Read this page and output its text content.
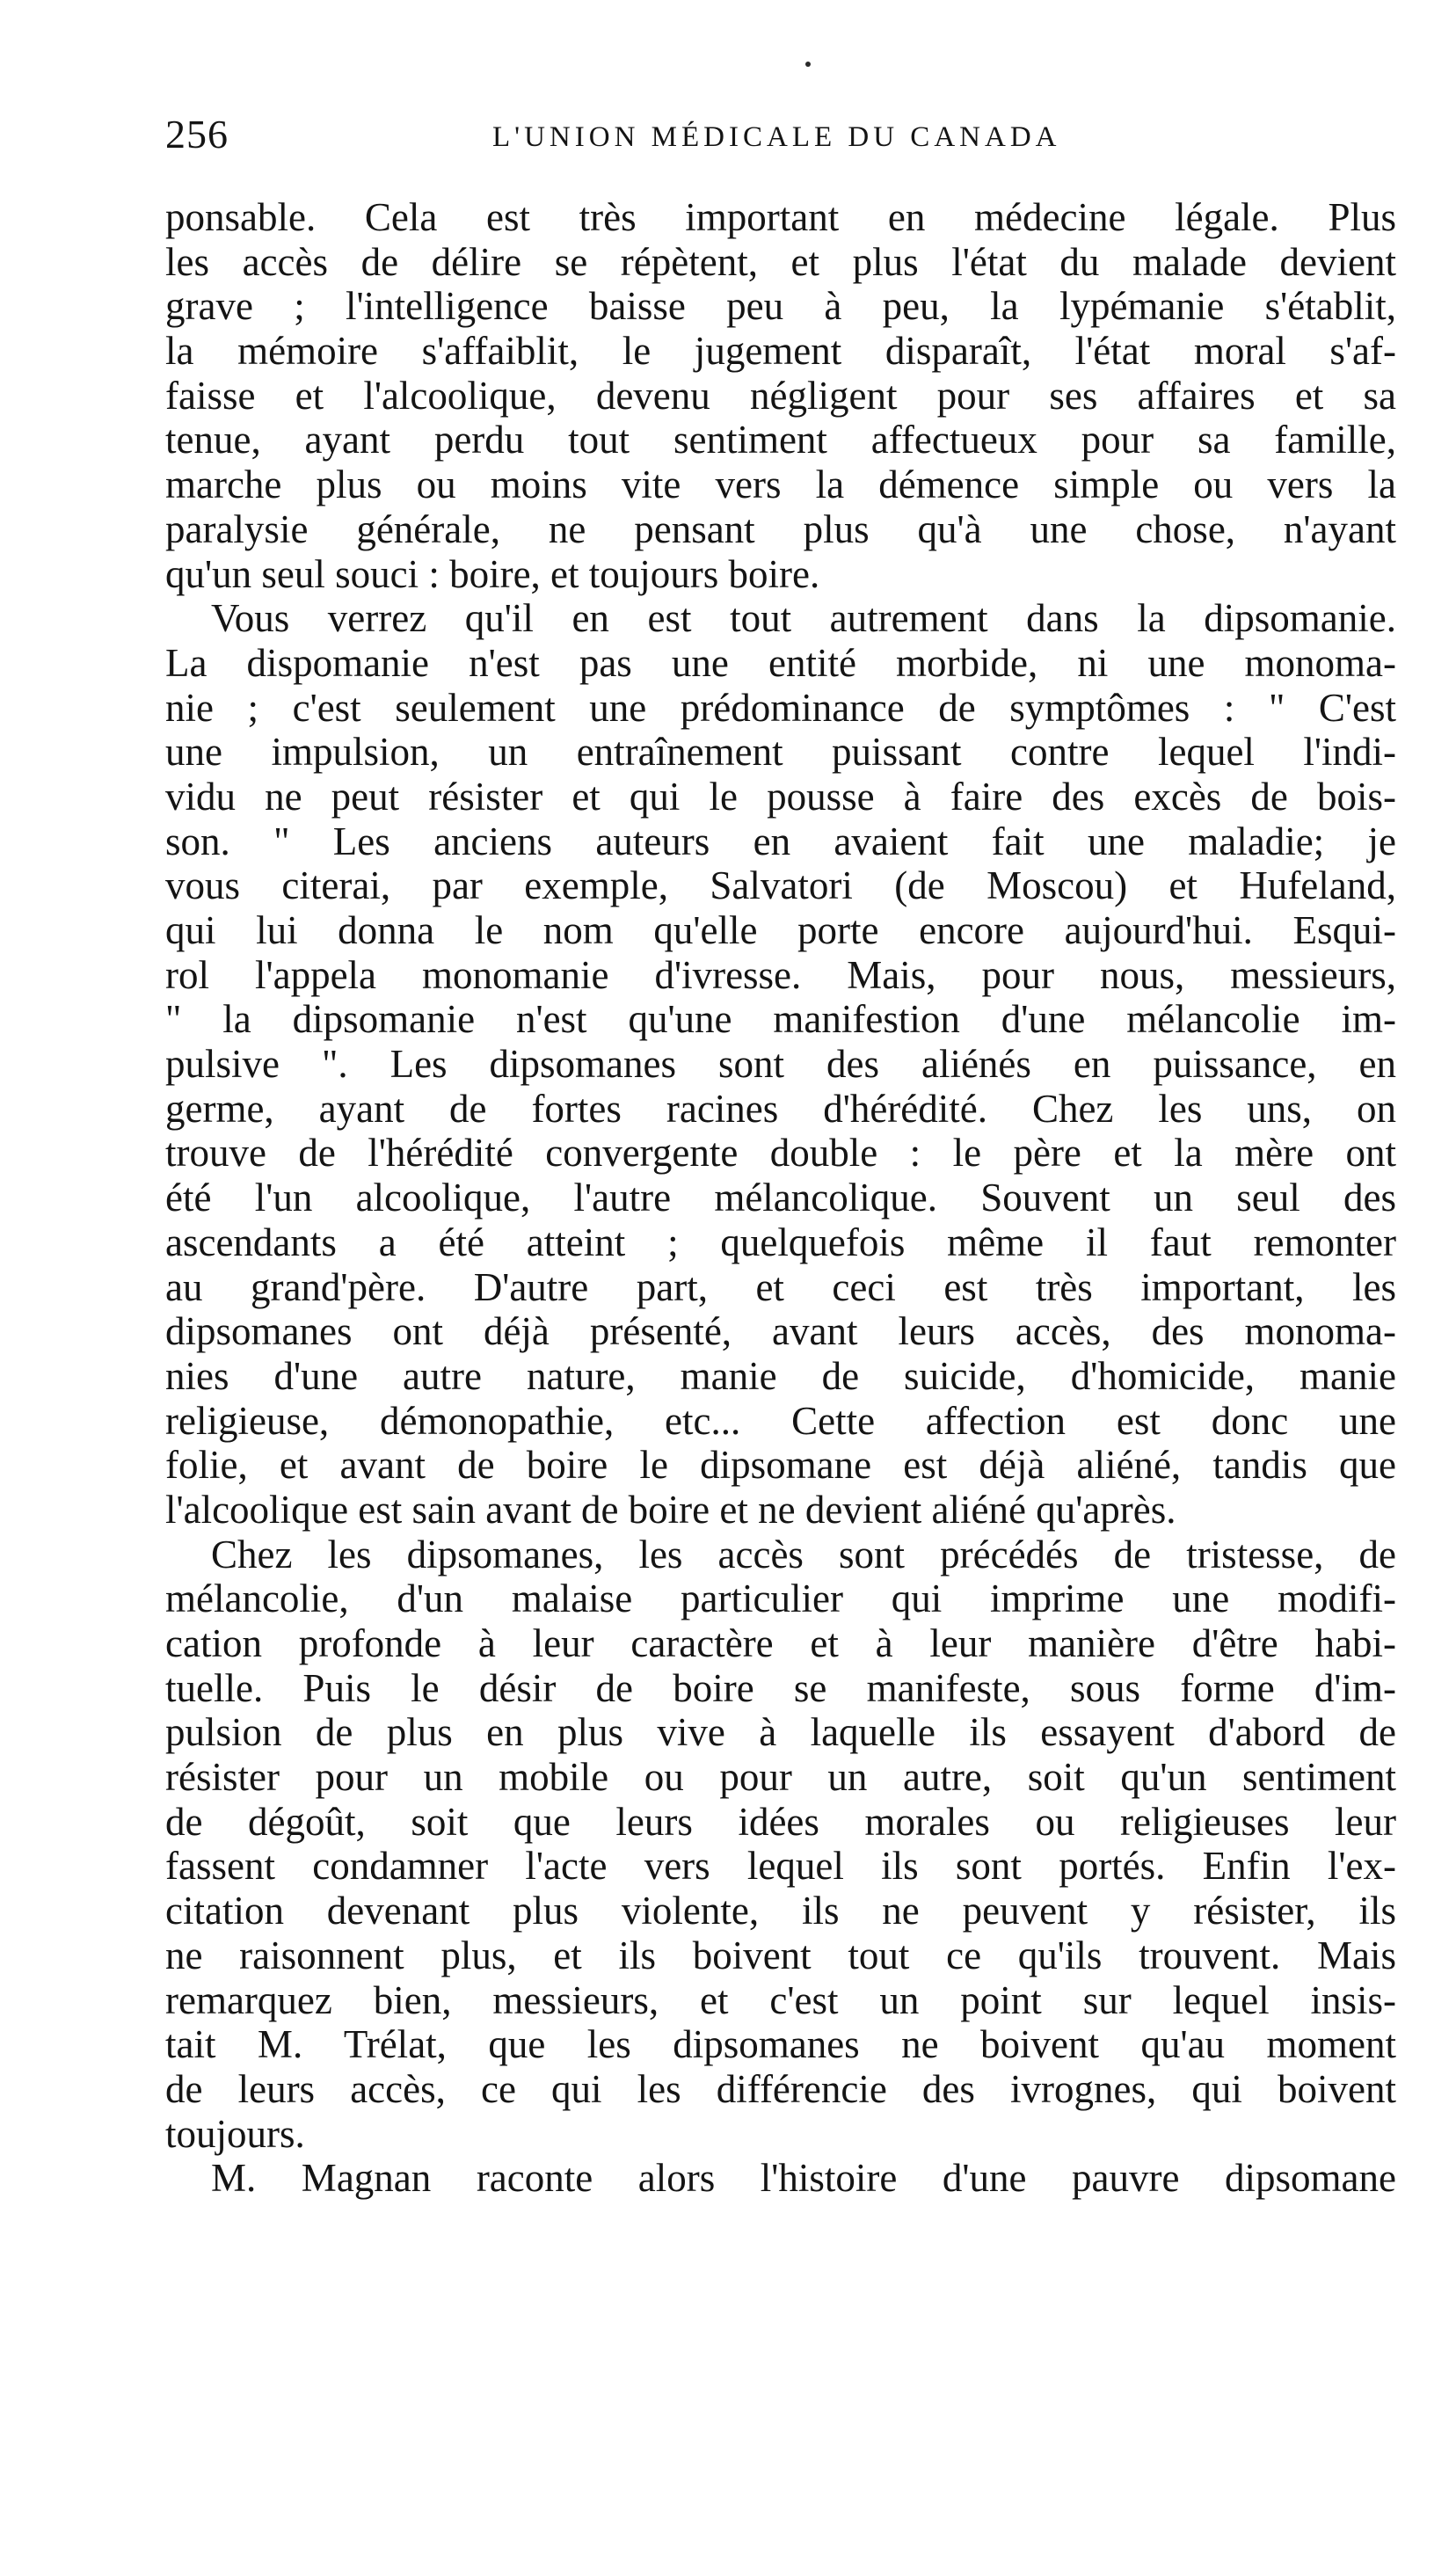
256	L'UNION MÉDICALE DU CANADA
ponsable. Cela est très important en médecine légale. Plus
les accès de délire se répètent, et plus l'état du malade devient
grave ; l'intelligence baisse peu à peu, la lypémanie s'établit,
la mémoire s'affaiblit, le jugement disparaît, l'état moral s'af-
faisse et l'alcoolique, devenu négligent pour ses affaires et sa
tenue, ayant perdu tout sentiment affectueux pour sa famille,
marche plus ou moins vite vers la démence simple ou vers la
paralysie générale, ne pensant plus qu'à une chose, n'ayant
qu'un seul souci : boire, et toujours boire.
Vous verrez qu'il en est tout autrement dans la dipsomanie.
La dispomanie n'est pas une entité morbide, ni une monoma-
nie ; c'est seulement une prédominance de symptômes : " C'est
une impulsion, un entraînement puissant contre lequel l'indi-
vidu ne peut résister et qui le pousse à faire des excès de bois-
son. " Les anciens auteurs en avaient fait une maladie; je
vous citerai, par exemple, Salvatori (de Moscou) et Hufeland,
qui lui donna le nom qu'elle porte encore aujourd'hui. Esqui-
rol l'appela monomanie d'ivresse. Mais, pour nous, messieurs,
" la dipsomanie n'est qu'une manifestion d'une mélancolie im-
pulsive ". Les dipsomanes sont des aliénés en puissance, en
germe, ayant de fortes racines d'hérédité. Chez les uns, on
trouve de l'hérédité convergente double : le père et la mère ont
été l'un alcoolique, l'autre mélancolique. Souvent un seul des
ascendants a été atteint ; quelquefois même il faut remonter
au grand'père. D'autre part, et ceci est très important, les
dipsomanes ont déjà présenté, avant leurs accès, des monoma-
nies d'une autre nature, manie de suicide, d'homicide, manie
religieuse, démonopathie, etc... Cette affection est donc une
folie, et avant de boire le dipsomane est déjà aliéné, tandis que
l'alcoolique est sain avant de boire et ne devient aliéné qu'après.
Chez les dipsomanes, les accès sont précédés de tristesse, de
mélancolie, d'un malaise particulier qui imprime une modifi-
cation profonde à leur caractère et à leur manière d'être habi-
tuelle. Puis le désir de boire se manifeste, sous forme d'im-
pulsion de plus en plus vive à laquelle ils essayent d'abord de
résister pour un mobile ou pour un autre, soit qu'un sentiment
de dégoût, soit que leurs idées morales ou religieuses leur
fassent condamner l'acte vers lequel ils sont portés. Enfin l'ex-
citation devenant plus violente, ils ne peuvent y résister, ils
ne raisonnent plus, et ils boivent tout ce qu'ils trouvent. Mais
remarquez bien, messieurs, et c'est un point sur lequel insis-
tait M. Trélat, que les dipsomanes ne boivent qu'au moment
de leurs accès, ce qui les différencie des ivrognes, qui boivent
toujours.
M. Magnan raconte alors l'histoire d'une pauvre dipsomane
